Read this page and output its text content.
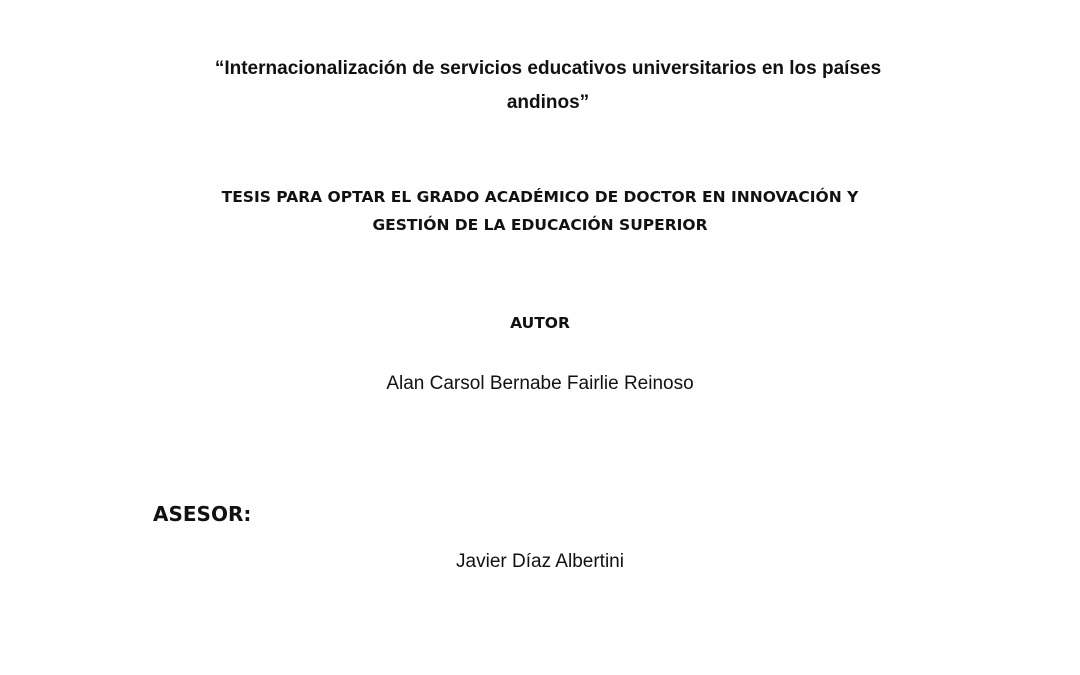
“Internacionalización de servicios educativos universitarios en los países
andinos”
TESIS PARA OPTAR EL GRADO ACADÉMICO DE DOCTOR EN INNOVACIÓN Y
GESTIÓN DE LA EDUCACIÓN SUPERIOR
AUTOR

Alan Carsol Bernabe Fairlie Reinoso

ASESOR:

Javier Díaz Albertini
